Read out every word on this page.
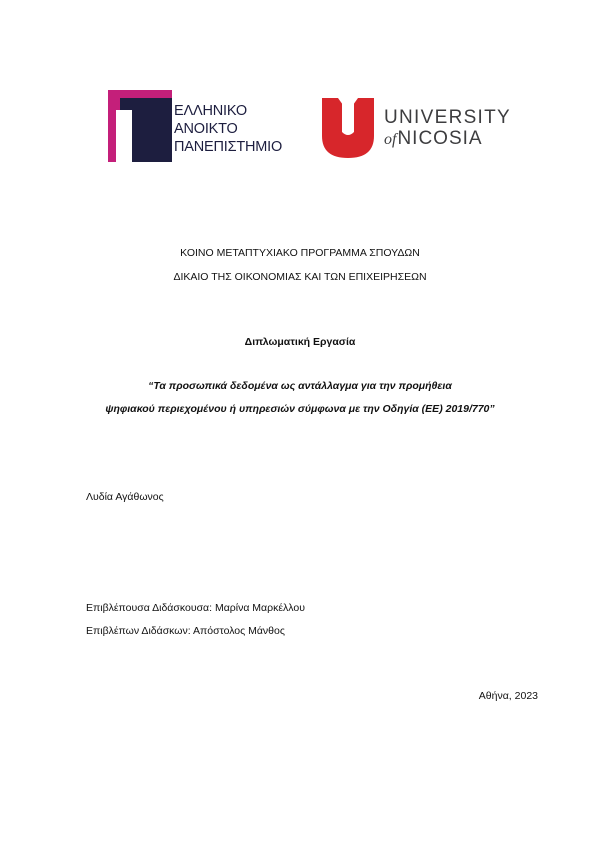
ΕΛΛΗΝΙΚΟ
ΑΝΟΙΚΤΟ
ΠΑΝΕΠΙΣΤΗΜΙΟ
UNIVERSITY
ofNICOSIA
ΚΟΙΝΟ ΜΕΤΑΠΤΥΧΙΑΚΟ ΠΡΟΓΡΑΜΜΑ ΣΠΟΥΔΩΝ
ΔΙΚΑΙΟ ΤΗΣ ΟΙΚΟΝΟΜΙΑΣ ΚΑΙ ΤΩΝ ΕΠΙΧΕΙΡΗΣΕΩΝ
Διπλωματική Εργασία
“Τα προσωπικά δεδομένα ως αντάλλαγμα για την προμήθεια
ψηφιακού περιεχομένου ή υπηρεσιών σύμφωνα με την Οδηγία (ΕΕ) 2019/770”
Λυδία Αγάθωνος
Επιβλέπουσα Διδάσκουσα: Μαρίνα Μαρκέλλου
Επιβλέπων Διδάσκων: Απόστολος Μάνθος
Αθήνα, 2023
